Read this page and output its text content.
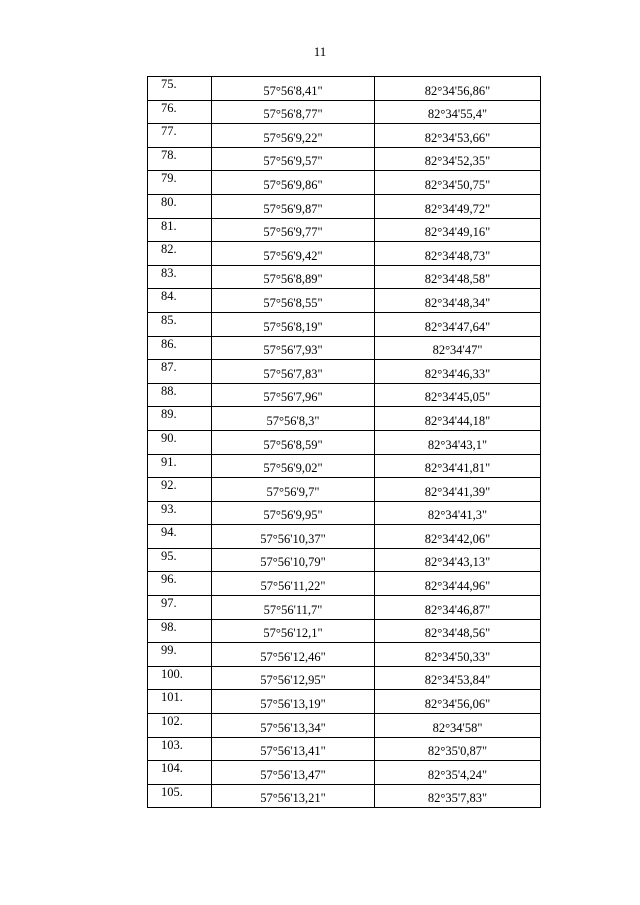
11
75.	57°56'8,41"	82°34'56,86"
76.	57°56'8,77"	82°34'55,4"
77.	57°56'9,22"	82°34'53,66"
78.	57°56'9,57"	82°34'52,35"
79.	57°56'9,86"	82°34'50,75"
80.	57°56'9,87"	82°34'49,72"
81.	57°56'9,77"	82°34'49,16"
82.	57°56'9,42"	82°34'48,73"
83.	57°56'8,89"	82°34'48,58"
84.	57°56'8,55"	82°34'48,34"
85.	57°56'8,19"	82°34'47,64"
86.	57°56'7,93"	82°34'47"
87.	57°56'7,83"	82°34'46,33"
88.	57°56'7,96"	82°34'45,05"
89.	57°56'8,3"	82°34'44,18"
90.	57°56'8,59"	82°34'43,1"
91.	57°56'9,02"	82°34'41,81"
92.	57°56'9,7"	82°34'41,39"
93.	57°56'9,95"	82°34'41,3"
94.	57°56'10,37"	82°34'42,06"
95.	57°56'10,79"	82°34'43,13"
96.	57°56'11,22"	82°34'44,96"
97.	57°56'11,7"	82°34'46,87"
98.	57°56'12,1"	82°34'48,56"
99.	57°56'12,46"	82°34'50,33"
100.	57°56'12,95"	82°34'53,84"
101.	57°56'13,19"	82°34'56,06"
102.	57°56'13,34"	82°34'58"
103.	57°56'13,41"	82°35'0,87"
104.	57°56'13,47"	82°35'4,24"
105.	57°56'13,21"	82°35'7,83"
